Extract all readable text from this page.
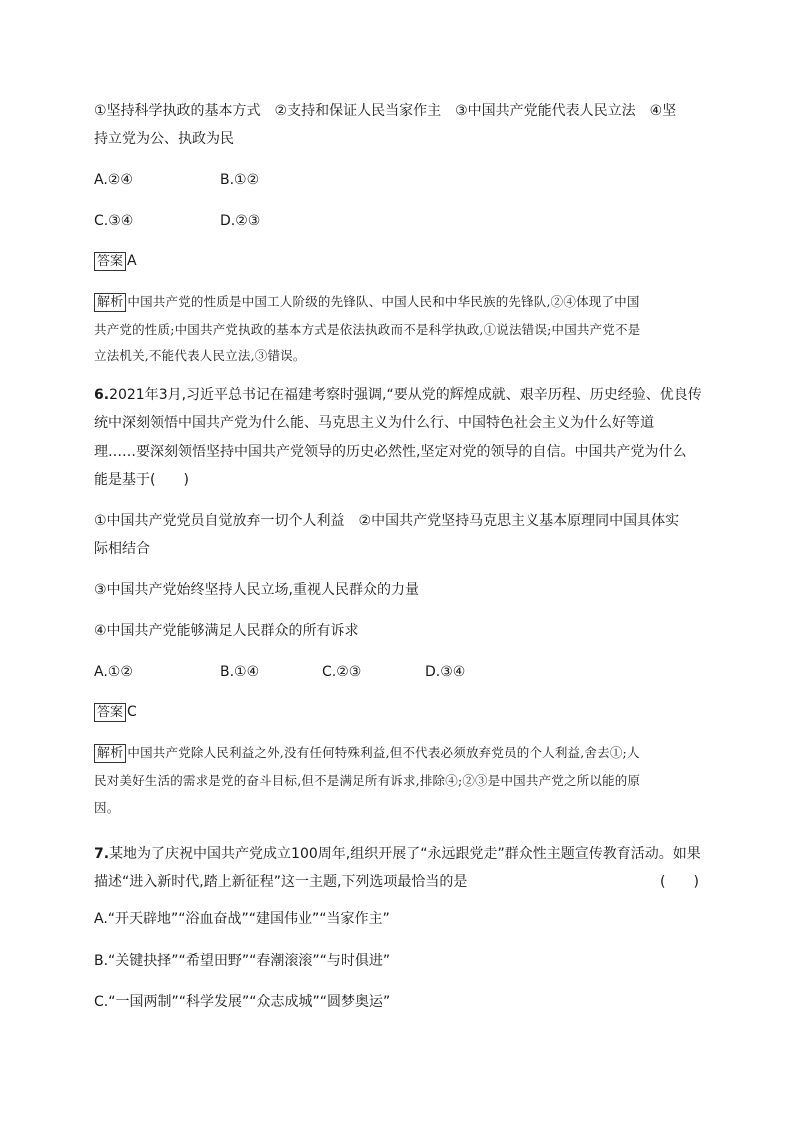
①坚持科学执政的基本方式　②支持和保证人民当家作主　③中国共产党能代表人民立法　④坚
持立党为公、执政为民
A.②④	B.①②
C.③④	D.②③
答案 A
解析 中国共产党的性质是中国工人阶级的先锋队、中国人民和中华民族的先锋队,②④体现了中国
共产党的性质;中国共产党执政的基本方式是依法执政而不是科学执政,①说法错误;中国共产党不是
立法机关,不能代表人民立法,③错误。
6.2021年3月,习近平总书记在福建考察时强调,“要从党的辉煌成就、艰辛历程、历史经验、优良传
统中深刻领悟中国共产党为什么能、马克思主义为什么行、中国特色社会主义为什么好等道
理……要深刻领悟坚持中国共产党领导的历史必然性,坚定对党的领导的自信。中国共产党为什么
能是基于(　　)
①中国共产党党员自觉放弃一切个人利益　②中国共产党坚持马克思主义基本原理同中国具体实
际相结合
③中国共产党始终坚持人民立场,重视人民群众的力量
④中国共产党能够满足人民群众的所有诉求
A.①②	B.①④	C.②③	D.③④
答案 C
解析 中国共产党除人民利益之外,没有任何特殊利益,但不代表必须放弃党员的个人利益,舍去①;人
民对美好生活的需求是党的奋斗目标,但不是满足所有诉求,排除④;②③是中国共产党之所以能的原
因。
7.某地为了庆祝中国共产党成立100周年,组织开展了“永远跟党走”群众性主题宣传教育活动。如果
描述“进入新时代,踏上新征程”这一主题,下列选项最恰当的是	(　　)
A.“开天辟地”“浴血奋战”“建国伟业”“当家作主”
B.“关键抉择”“希望田野”“春潮滚滚”“与时俱进”
C.“一国两制”“科学发展”“众志成城”“圆梦奥运”
